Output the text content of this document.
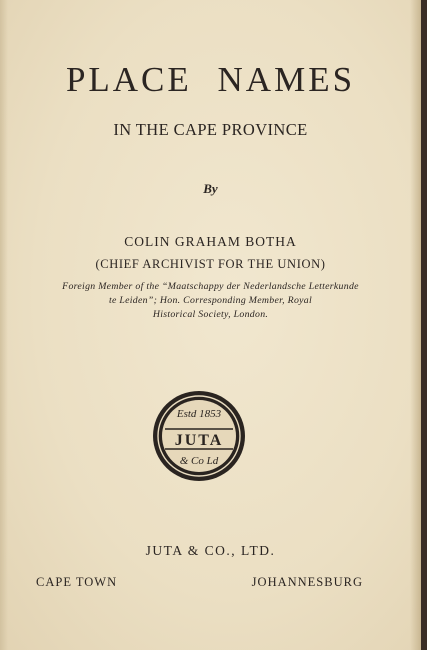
PLACE NAMES
IN THE CAPE PROVINCE
By
COLIN GRAHAM BOTHA
(CHIEF ARCHIVIST FOR THE UNION)
Foreign Member of the “Maatschappy der Nederlandsche Letterkunde
te Leiden”; Hon. Corresponding Member, Royal
Historical Society, London.
Estd 1853
JUTA
& Co Ld
JUTA & CO., LTD.
CAPE TOWN	JOHANNESBURG
